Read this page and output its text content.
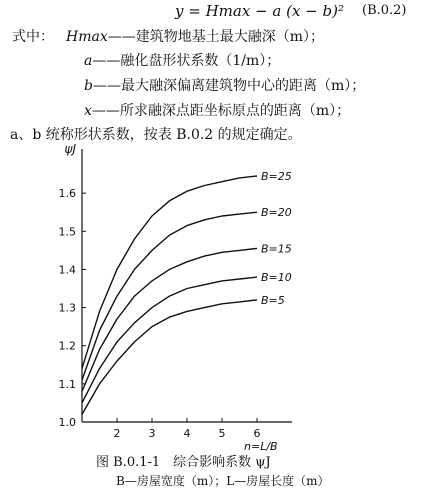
y = Hmax − a (x − b)² (B.0.2)
式中： Hmax——建筑物地基土最大融深（m）；
a——融化盘形状系数（1/m）；
b——最大融深偏离建筑物中心的距离（m）；
x——所求融深点距坐标原点的距离（m）；
a、b 统称形状系数，按表 B.0.2 的规定确定。
1.0
1.1
1.2
1.3
1.4
1.5
1.6
2	3	4	5	6
ψJ
n=L/B
B=25
B=20
B=15
B=10
B=5
图 B.0.1-1　综合影响系数 ψJ
B—房屋宽度（m）；L—房屋长度（m）
